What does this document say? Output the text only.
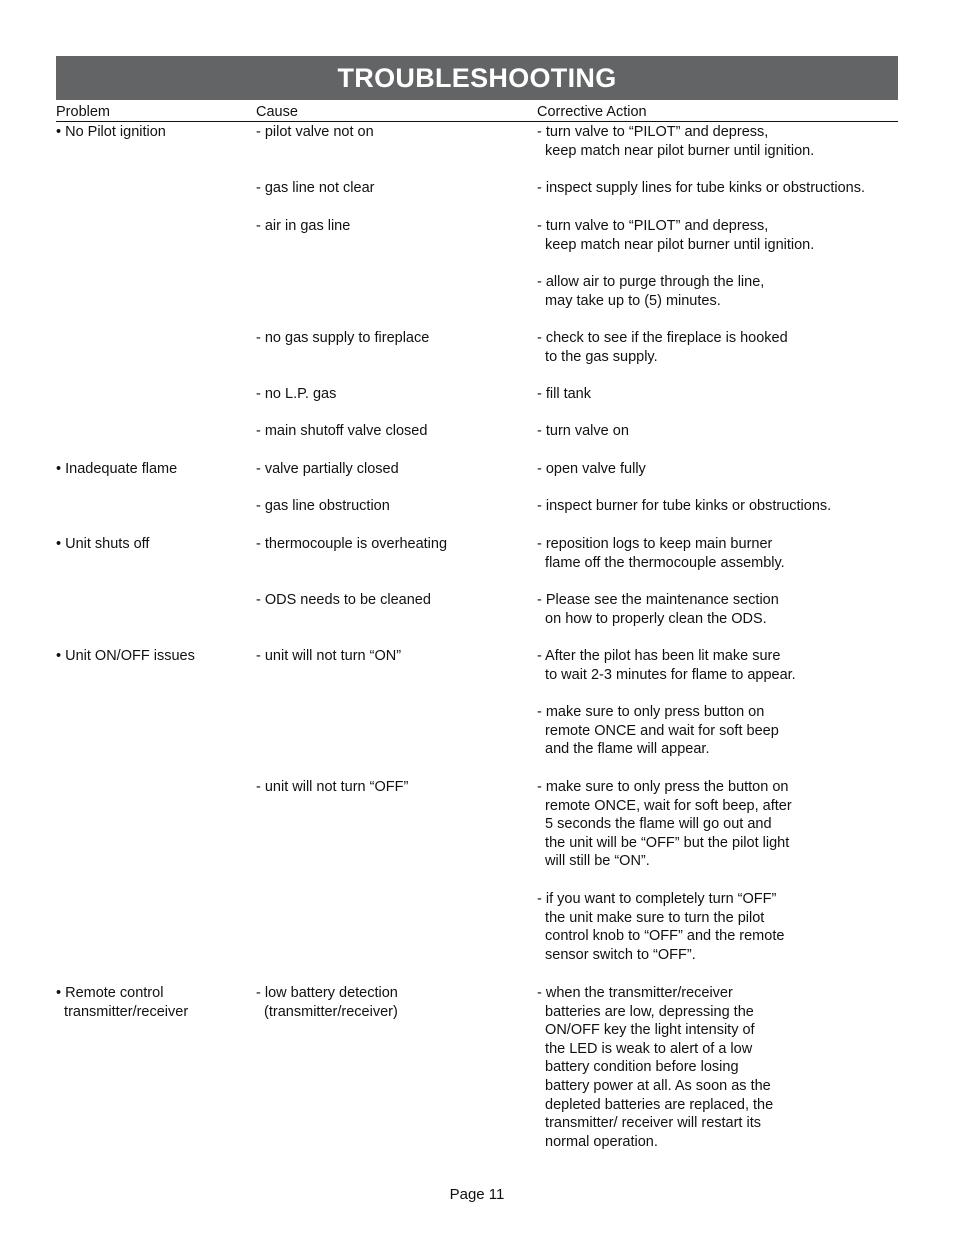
TROUBLESHOOTING
Problem	Cause	Corrective Action
• No Pilot ignition
• Inadequate flame
• Unit shuts off
• Unit ON/OFF issues
• Remote control
transmitter/receiver
- pilot valve not on
- gas line not clear
- air in gas line
- no gas supply to fireplace
- no L.P. gas
- main shutoff valve closed
- valve partially closed
- gas line obstruction
- thermocouple is overheating
- ODS needs to be cleaned
- unit will not turn “ON”
- unit will not turn “OFF”
- low battery detection
(transmitter/receiver)
- turn valve to “PILOT” and depress,
keep match near pilot burner until ignition.
- inspect supply lines for tube kinks or obstructions.
- turn valve to “PILOT” and depress,
keep match near pilot burner until ignition.
- allow air to purge through the line,
may take up to (5) minutes.
- check to see if the fireplace is hooked
to the gas supply.
- fill tank
- turn valve on
- open valve fully
- inspect burner for tube kinks or obstructions.
- reposition logs to keep main burner
flame off the thermocouple assembly.
- Please see the maintenance section
on how to properly clean the ODS.
- After the pilot has been lit make sure
to wait 2-3 minutes for flame to appear.
- make sure to only press button on
remote ONCE and wait for soft beep
and the flame will appear.
- make sure to only press the button on
remote ONCE, wait for soft beep, after
5 seconds the flame will go out and
the unit will be “OFF” but the pilot light
will still be “ON”.
- if you want to completely turn “OFF”
the unit make sure to turn the pilot
control knob to “OFF” and the remote
sensor switch to “OFF”.
- when the transmitter/receiver
batteries are low, depressing the
ON/OFF key the light intensity of
the LED is weak to alert of a low
battery condition before losing
battery power at all. As soon as the
depleted batteries are replaced, the
transmitter/ receiver will restart its
normal operation.
Page 11
